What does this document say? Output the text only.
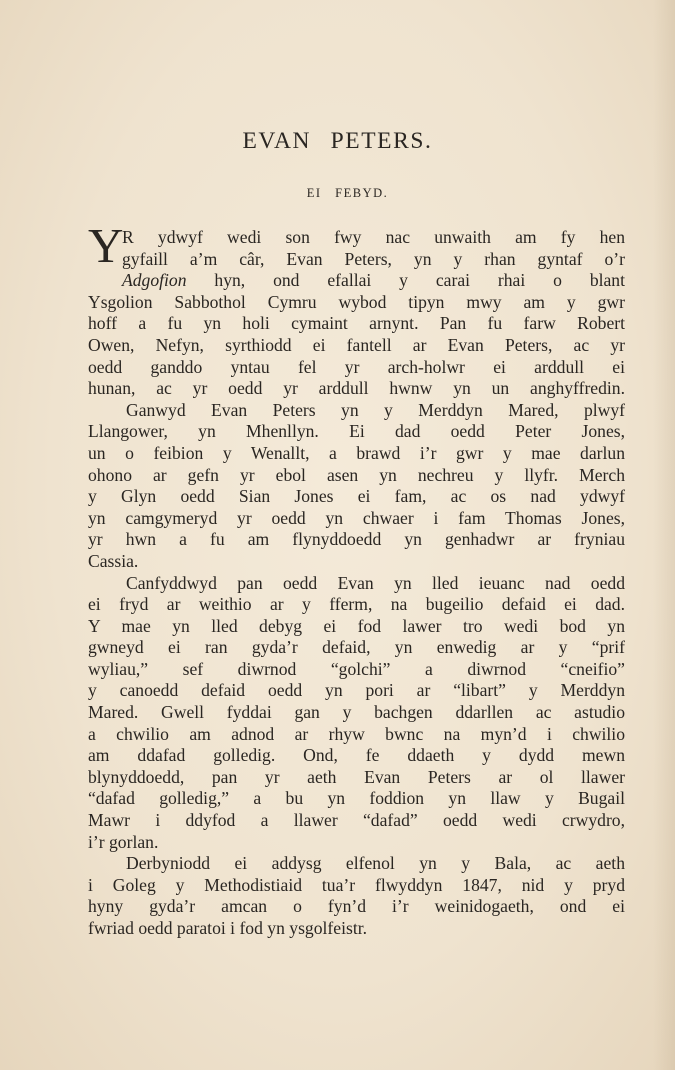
EVAN PETERS.
EI FEBYD.
Y
R ydwyf wedi son fwy nac unwaith am fy hen
gyfaill a’m câr, Evan Peters, yn y rhan gyntaf o’r
Adgofion hyn, ond efallai y carai rhai o blant
Ysgolion Sabbothol Cymru wybod tipyn mwy am y gwr
hoff a fu yn holi cymaint arnynt. Pan fu farw Robert
Owen, Nefyn, syrthiodd ei fantell ar Evan Peters, ac yr
oedd ganddo yntau fel yr arch-holwr ei arddull ei
hunan, ac yr oedd yr arddull hwnw yn un anghyffredin.
Ganwyd Evan Peters yn y Merddyn Mared, plwyf
Llangower, yn Mhenllyn. Ei dad oedd Peter Jones,
un o feibion y Wenallt, a brawd i’r gwr y mae darlun
ohono ar gefn yr ebol asen yn nechreu y llyfr. Merch
y Glyn oedd Sian Jones ei fam, ac os nad ydwyf
yn camgymeryd yr oedd yn chwaer i fam Thomas Jones,
yr hwn a fu am flynyddoedd yn genhadwr ar fryniau
Cassia.
Canfyddwyd pan oedd Evan yn lled ieuanc nad oedd
ei fryd ar weithio ar y fferm, na bugeilio defaid ei dad.
Y mae yn lled debyg ei fod lawer tro wedi bod yn
gwneyd ei ran gyda’r defaid, yn enwedig ar y “prif
wyliau,” sef diwrnod “golchi” a diwrnod “cneifio”
y canoedd defaid oedd yn pori ar “libart” y Merddyn
Mared. Gwell fyddai gan y bachgen ddarllen ac astudio
a chwilio am adnod ar rhyw bwnc na myn’d i chwilio
am ddafad golledig. Ond, fe ddaeth y dydd mewn
blynyddoedd, pan yr aeth Evan Peters ar ol llawer
“dafad golledig,” a bu yn foddion yn llaw y Bugail
Mawr i ddyfod a llawer “dafad” oedd wedi crwydro,
i’r gorlan.
Derbyniodd ei addysg elfenol yn y Bala, ac aeth
i Goleg y Methodistiaid tua’r flwyddyn 1847, nid y pryd
hyny gyda’r amcan o fyn’d i’r weinidogaeth, ond ei
fwriad oedd paratoi i fod yn ysgolfeistr.
